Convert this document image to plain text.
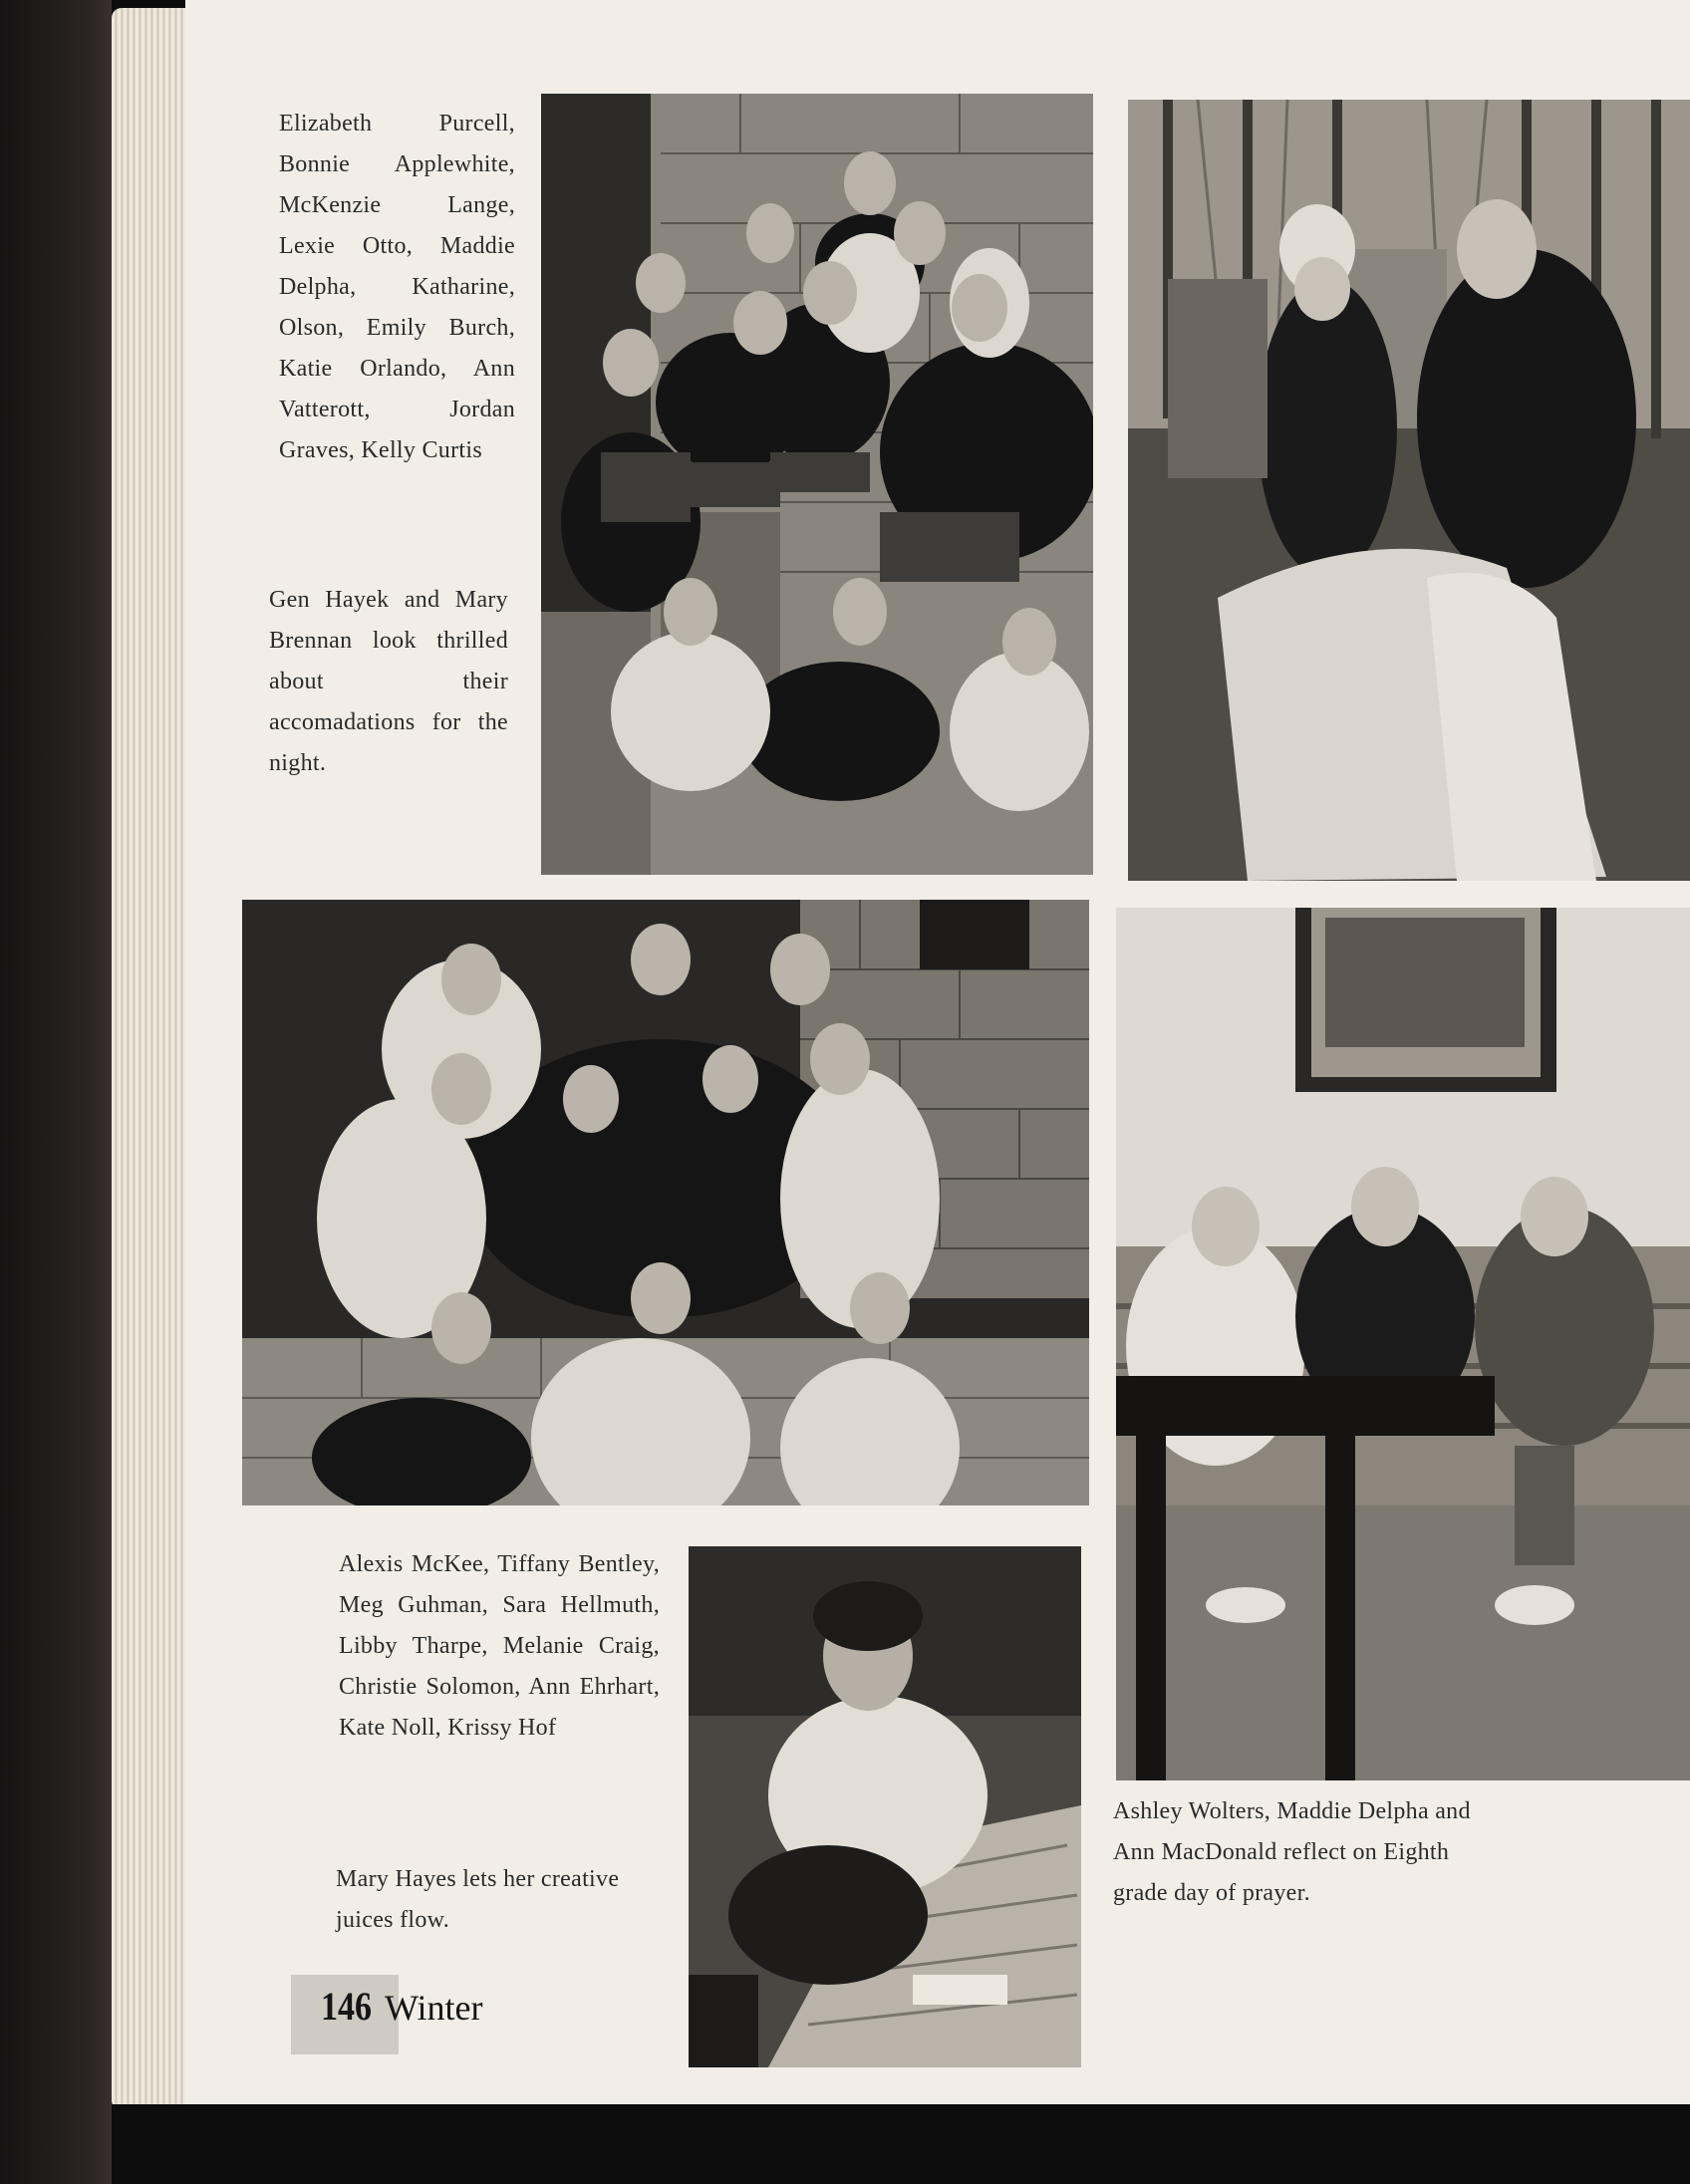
Elizabeth Purcell, Bonnie Applewhite, McKenzie Lange, Lexie Otto, Maddie Delpha, Katharine, Olson, Emily Burch, Katie Orlando, Ann Vatterott, Jordan Graves, Kelly Curtis
Gen Hayek and Mary Brennan look thrilled about their accomadations for the night.
Alexis McKee, Tiffany Bentley, Meg Guhman, Sara Hellmuth, Libby Tharpe, Melanie Craig, Christie Solomon, Ann Ehrhart, Kate Noll, Krissy Hof
Mary Hayes lets her creative juices flow.
Ashley Wolters, Maddie Delpha and Ann MacDonald reflect on Eighth grade day of prayer.
146 Winter
